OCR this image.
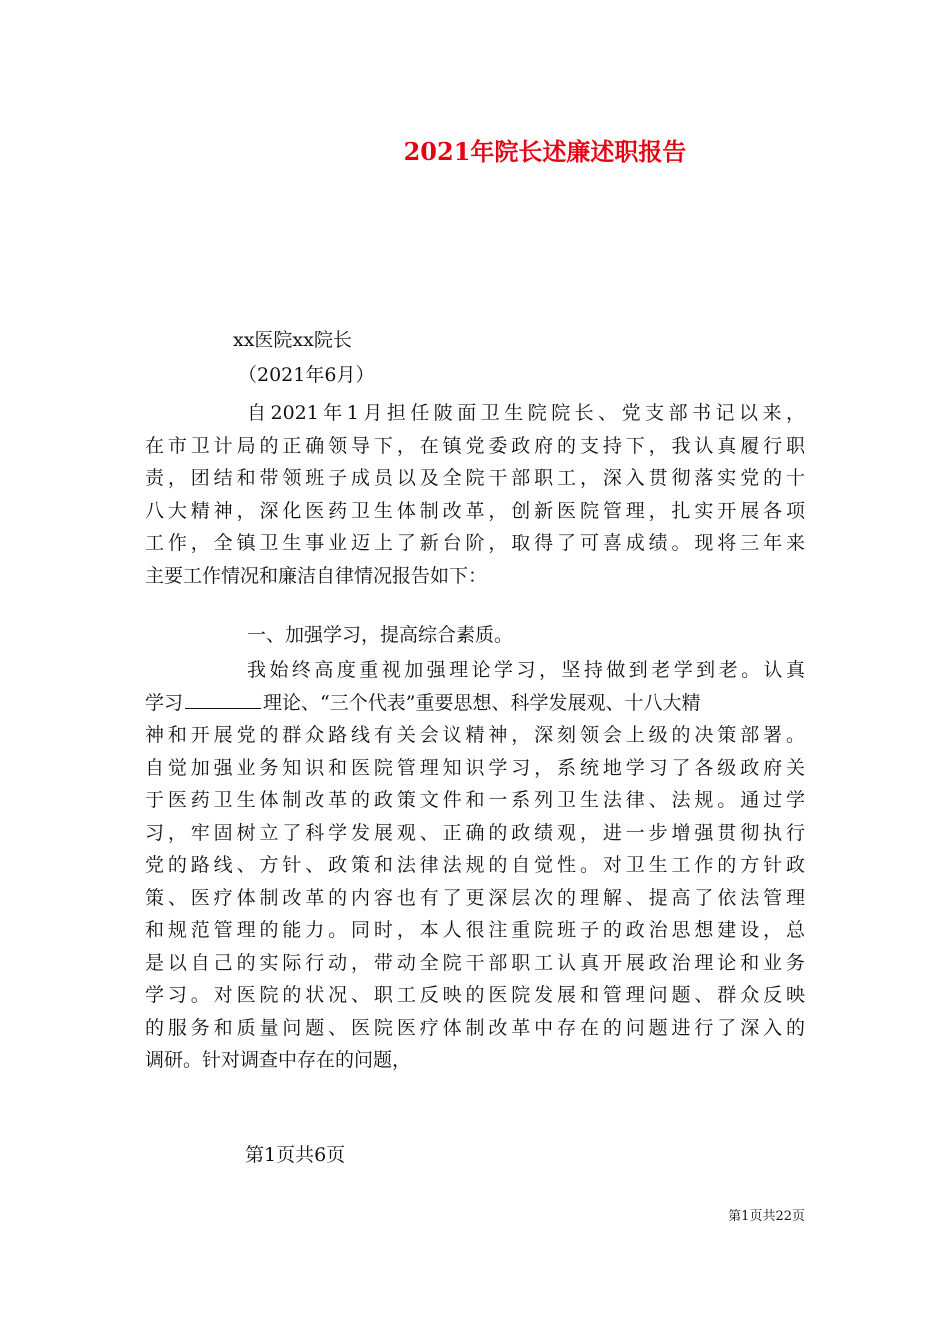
2021年院长述廉述职报告
xx医院xx院长
（2021年6月）
自2021年1月担任陂面卫生院院长、党支部书记以来，
在市卫计局的正确领导下，在镇党委政府的支持下，我认真履行职
责，团结和带领班子成员以及全院干部职工，深入贯彻落实党的十
八大精神，深化医药卫生体制改革，创新医院管理，扎实开展各项
工作，全镇卫生事业迈上了新台阶，取得了可喜成绩。现将三年来
主要工作情况和廉洁自律情况报告如下：
一、加强学习，提高综合素质。
我始终高度重视加强理论学习，坚持做到老学到老。认真
学习	理论、“三个代表”重要思想、科学发展观、十八大精
神和开展党的群众路线有关会议精神，深刻领会上级的决策部署。
自觉加强业务知识和医院管理知识学习，系统地学习了各级政府关
于医药卫生体制改革的政策文件和一系列卫生法律、法规。通过学
习，牢固树立了科学发展观、正确的政绩观，进一步增强贯彻执行
党的路线、方针、政策和法律法规的自觉性。对卫生工作的方针政
策、医疗体制改革的内容也有了更深层次的理解、提高了依法管理
和规范管理的能力。同时，本人很注重院班子的政治思想建设，总
是以自己的实际行动，带动全院干部职工认真开展政治理论和业务
学习。对医院的状况、职工反映的医院发展和管理问题、群众反映
的服务和质量问题、医院医疗体制改革中存在的问题进行了深入的
调研。针对调查中存在的问题，
第1页共6页
第1页共22页
